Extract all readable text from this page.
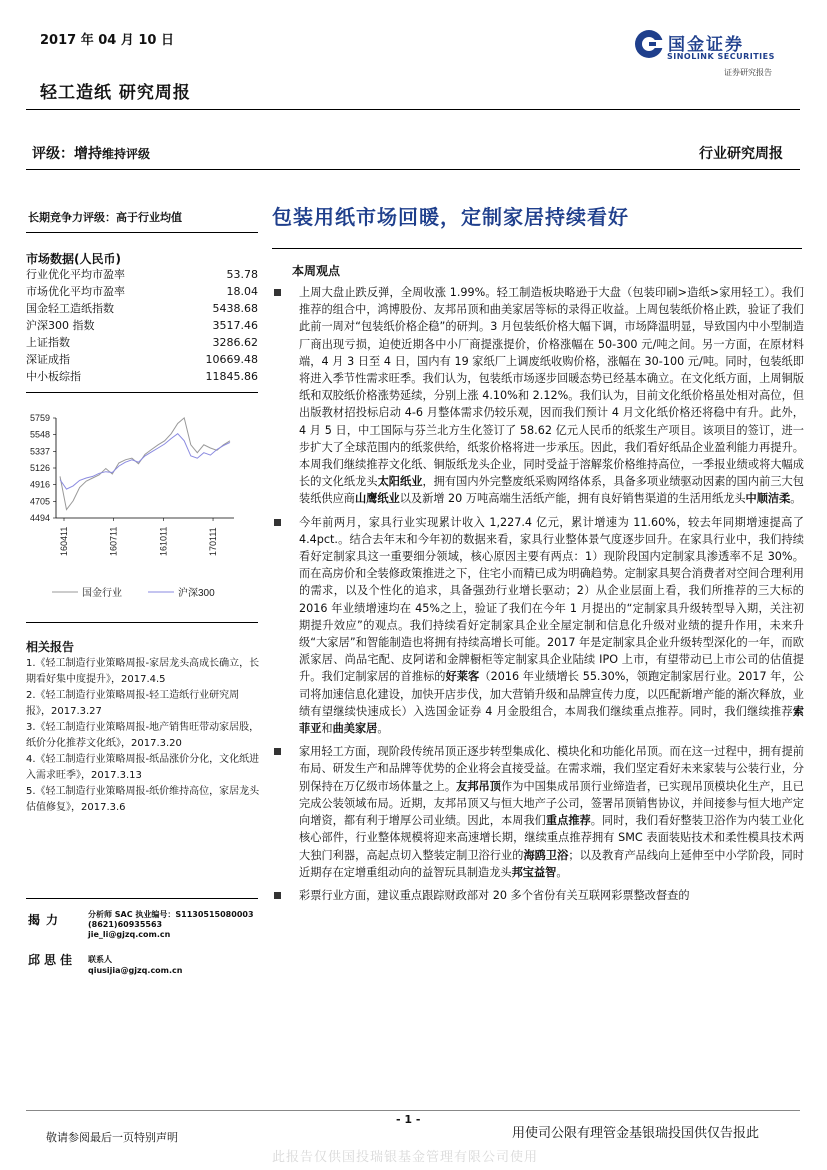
2017 年 04 月 10 日
轻工造纸 研究周报
国金证券
SINOLINK SECURITIES
证券研究报告
评级：增持维持评级	行业研究周报
长期竞争力评级：高于行业均值
市场数据(人民币)
行业优化平均市盈率	53.78
市场优化平均市盈率	18.04
国金轻工造纸指数	5438.68
沪深300 指数	3517.46
上证指数	3286.62
深证成指	10669.48
中小板综指	11845.86
5759
5548
5337
5126
4916
4705
4494
160411	160711	161011	170111
国金行业	沪深300
相关报告
1.《轻工制造行业策略周报-家居龙头高成长确立，长期看好集中度提升》，2017.4.5
2.《轻工制造行业策略周报-轻工造纸行业研究周报》，2017.3.27
3.《轻工制造行业策略周报-地产销售旺带动家居股，纸价分化推荐文化纸》，2017.3.20
4.《轻工制造行业策略周报-纸品涨价分化，文化纸进入需求旺季》，2017.3.13
5.《轻工制造行业策略周报-纸价维持高位，家居龙头估值修复》，2017.3.6
揭力	分析师 SAC 执业编号：S1130515080003
(8621)60935563
jie_li@gjzq.com.cn
邱思佳 联系人
qiusijia@gjzq.com.cn
包装用纸市场回暖，定制家居持续看好
本周观点
上周大盘止跌反弹，全周收涨 1.99%。轻工制造板块略逊于大盘（包装印刷>造纸>家用轻工）。我们推荐的组合中，鸿博股份、友邦吊顶和曲美家居等标的录得正收益。上周包装纸价格止跌，验证了我们此前一周对“包装纸价格企稳”的研判。3 月包装纸价格大幅下调，市场降温明显，导致国内中小型制造厂商出现亏损，迫使近期各中小厂商提涨提价，价格涨幅在 50-300 元/吨之间。另一方面，在原材料端，4 月 3 日至 4 日，国内有 19 家纸厂上调废纸收购价格，涨幅在 30-100 元/吨。同时，包装纸即将进入季节性需求旺季。我们认为，包装纸市场逐步回暖态势已经基本确立。在文化纸方面，上周铜版纸和双胶纸价格涨势延续，分别上涨 4.10%和 2.12%。我们认为，目前文化纸价格虽处相对高位，但出版教材招投标启动 4-6 月整体需求仍较乐观，因而我们预计 4 月文化纸价格还将稳中有升。此外，4 月 5 日，中工国际与芬兰北方生化签订了 58.62 亿元人民币的纸浆生产项目。该项目的签订，进一步扩大了全球范围内的纸浆供给，纸浆价格将进一步承压。因此，我们看好纸品企业盈利能力再提升。本周我们继续推荐文化纸、铜版纸龙头企业，同时受益于溶解浆价格维持高位，一季报业绩或将大幅成长的文化纸龙头太阳纸业，拥有国内外完整废纸采购网络体系，具备多项业绩驱动因素的国内前三大包装纸供应商山鹰纸业以及新增 20 万吨高端生活纸产能，拥有良好销售渠道的生活用纸龙头中顺洁柔。
今年前两月，家具行业实现累计收入 1,227.4 亿元，累计增速为 11.60%，较去年同期增速提高了 4.4pct.。结合去年末和今年初的数据来看，家具行业整体景气度逐步回升。在家具行业中，我们持续看好定制家具这一重要细分领域，核心原因主要有两点：1）现阶段国内定制家具渗透率不足 30%。而在高房价和全装修政策推进之下，住宅小而精已成为明确趋势。定制家具契合消费者对空间合理利用的需求，以及个性化的追求，具备强劲行业增长驱动；2）从企业层面上看，我们所推荐的三大标的 2016 年业绩增速均在 45%之上，验证了我们在今年 1 月提出的“定制家具升级转型导入期，关注初期提升效应”的观点。我们持续看好定制家具企业全屋定制和信息化升级对业绩的提升作用，未来升级“大家居”和智能制造也将拥有持续高增长可能。2017 年是定制家具企业升级转型深化的一年，而欧派家居、尚品宅配、皮阿诺和金牌橱柜等定制家具企业陆续 IPO 上市，有望带动已上市公司的估值提升。我们定制家居的首推标的好莱客（2016 年业绩增长 55.30%，领跑定制家居行业。2017 年，公司将加速信息化建设，加快开店步伐，加大营销升级和品牌宣传力度，以匹配新增产能的渐次释放，业绩有望继续快速成长）入选国金证券 4 月金股组合，本周我们继续重点推荐。同时，我们继续推荐索菲亚和曲美家居。
家用轻工方面，现阶段传统吊顶正逐步转型集成化、模块化和功能化吊顶。而在这一过程中，拥有提前布局、研发生产和品牌等优势的企业将会直接受益。在需求端，我们坚定看好未来家装与公装行业，分别保持在万亿级市场体量之上。友邦吊顶作为中国集成吊顶行业缔造者，已实现吊顶模块化生产，且已完成公装领域布局。近期，友邦吊顶又与恒大地产子公司，签署吊顶销售协议，并间接参与恒大地产定向增资，都有利于增厚公司业绩。因此，本周我们重点推荐。同时，我们看好整装卫浴作为内装工业化核心部件，行业整体规模将迎来高速增长期，继续重点推荐拥有 SMC 表面装贴技术和柔性模具技术两大独门利器，高起点切入整装定制卫浴行业的海鸥卫浴；以及教育产品线向上延伸至中小学阶段，同时近期存在定增重组动向的益智玩具制造龙头邦宝益智。
彩票行业方面，建议重点跟踪财政部对 20 多个省份有关互联网彩票整改督查的
- 1 -
敬请参阅最后一页特别声明	用使司公限有理管金基银瑞投国供仅告报此
此报告仅供国投瑞银基金管理有限公司使用
